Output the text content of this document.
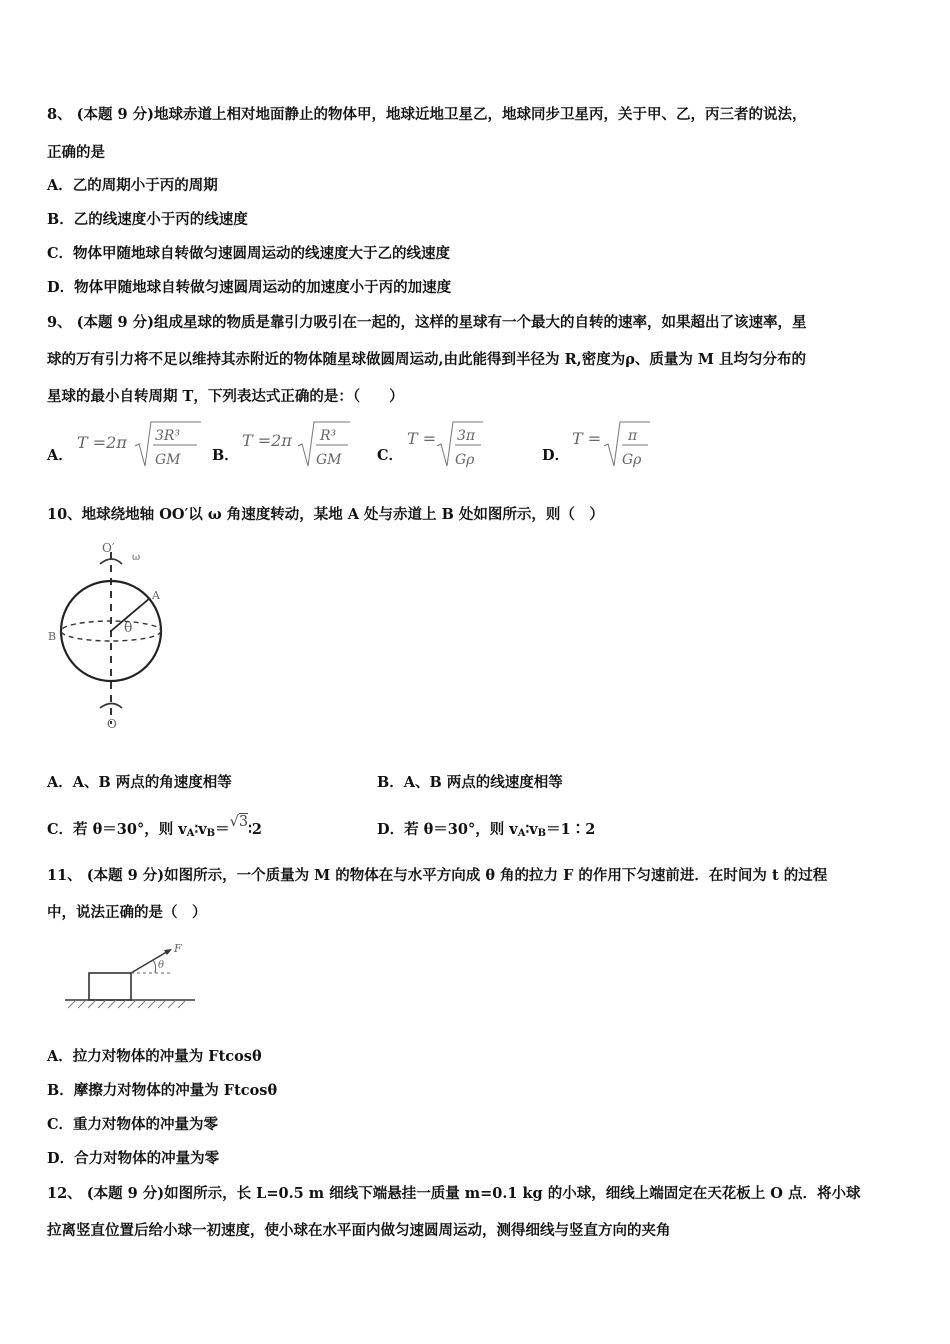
8、 (本题 9 分)地球赤道上相对地面静止的物体甲，地球近地卫星乙，地球同步卫星丙，关于甲、乙，丙三者的说法，
正确的是
A．乙的周期小于丙的周期
B．乙的线速度小于丙的线速度
C．物体甲随地球自转做匀速圆周运动的线速度大于乙的线速度
D．物体甲随地球自转做匀速圆周运动的加速度小于丙的加速度
9、 (本题 9 分)组成星球的物质是靠引力吸引在一起的，这样的星球有一个最大的自转的速率，如果超出了该速率，星
球的万有引力将不足以维持其赤附近的物体随星球做圆周运动,由此能得到半径为 R,密度为ρ、质量为 M 且均匀分布的
星球的最小自转周期 T，下列表达式正确的是：（　　）
A．
T =2π 3R³
GM B．
T =2π R³
GM C．
T = 3π
Gρ	D．
T = π
Gρ
10、地球绕地轴 OO′以 ω 角速度转动，某地 A 处与赤道上 B 处如图所示，则（　）
O′
ω
A
B
θ
O
A．A、B 两点的角速度相等	B．A、B 两点的线速度相等
C．若 θ＝30°，则 $v_A∶v_B=√3∶2$	D．若 θ＝30°，则 $v_A∶v_B=1∶2$
11、 (本题 9 分)如图所示，一个质量为 M 的物体在与水平方向成 θ 角的拉力 F 的作用下匀速前进．在时间为 t 的过程
中，说法正确的是（　）
F
θ
A．拉力对物体的冲量为 Ftcosθ
B．摩擦力对物体的冲量为 Ftcosθ
C．重力对物体的冲量为零
D．合力对物体的冲量为零
12、 (本题 9 分)如图所示，长 L=0.5 m 细线下端悬挂一质量 m=0.1 kg 的小球，细线上端固定在天花板上 O 点．将小球
拉离竖直位置后给小球一初速度，使小球在水平面内做匀速圆周运动，测得细线与竖直方向的夹角
